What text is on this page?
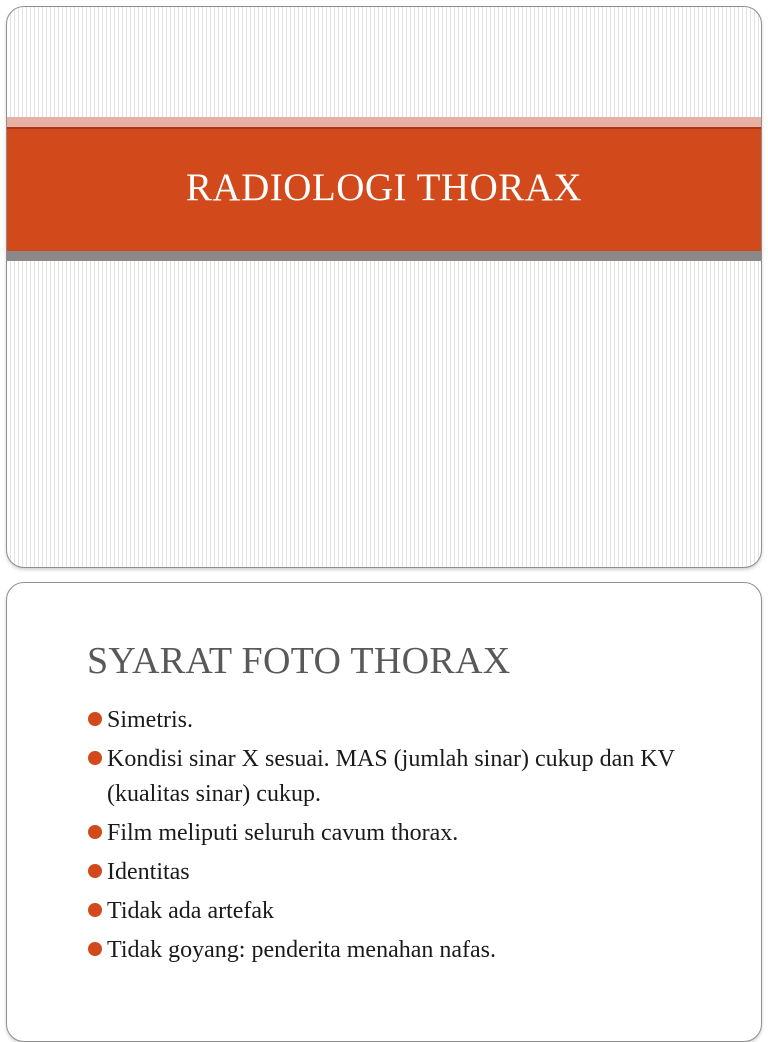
RADIOLOGI THORAX
SYARAT FOTO THORAX
Simetris.
Kondisi sinar X sesuai. MAS (jumlah sinar) cukup dan KV (kualitas sinar) cukup.
Film meliputi seluruh cavum thorax.
Identitas
Tidak ada artefak
Tidak goyang: penderita menahan nafas.
